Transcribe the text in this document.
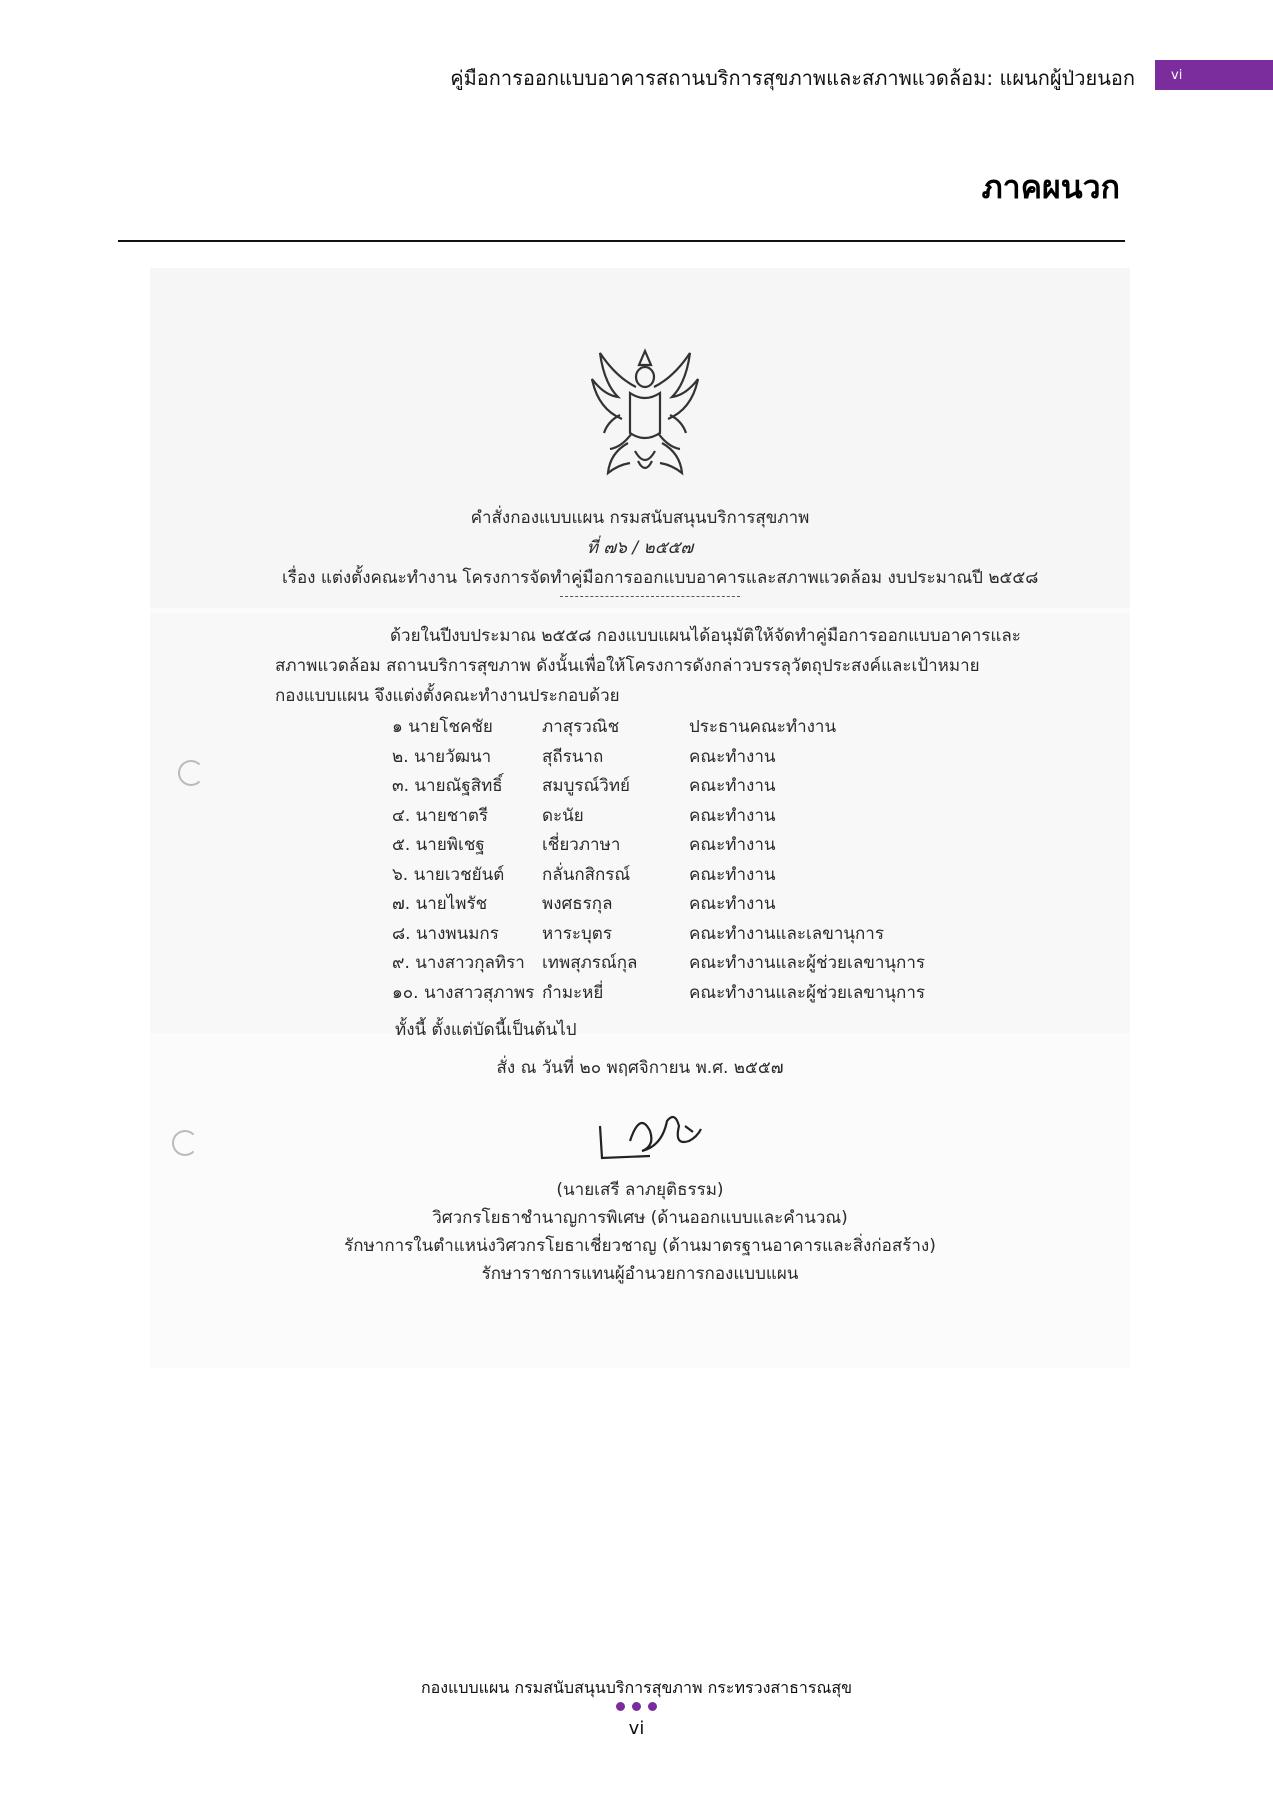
คู่มือการออกแบบอาคารสถานบริการสุขภาพและสภาพแวดล้อม: แผนกผู้ป่วยนอก	vi
ภาคผนวก
คำสั่งกองแบบแผน กรมสนับสนุนบริการสุขภาพ
ที่ ๗๖ / ๒๕๕๗
เรื่อง แต่งตั้งคณะทำงาน โครงการจัดทำคู่มือการออกแบบอาคารและสภาพแวดล้อม งบประมาณปี ๒๕๕๘
ด้วยในปีงบประมาณ ๒๕๕๘ กองแบบแผนได้อนุมัติให้จัดทำคู่มือการออกแบบอาคารและ
สภาพแวดล้อม สถานบริการสุขภาพ ดังนั้นเพื่อให้โครงการดังกล่าวบรรลุวัตถุประสงค์และเป้าหมาย
กองแบบแผน จึงแต่งตั้งคณะทำงานประกอบด้วย
๑ นายโชคชัย	ภาสุรวณิช	ประธานคณะทำงาน
๒. นายวัฒนา	สุถีรนาถ	คณะทำงาน
๓. นายณัฐสิทธิ์	สมบูรณ์วิทย์	คณะทำงาน
๔. นายชาตรี	ดะนัย	คณะทำงาน
๕. นายพิเชฐ	เชี่ยวภาษา	คณะทำงาน
๖. นายเวชยันต์	กลั่นกสิกรณ์	คณะทำงาน
๗. นายไพรัช	พงศธรกุล	คณะทำงาน
๘. นางพนมกร	หาระบุตร	คณะทำงานและเลขานุการ
๙. นางสาวกุลทิรา	เทพสุภรณ์กุล	คณะทำงานและผู้ช่วยเลขานุการ
๑๐. นางสาวสุภาพร กำมะหยี่	คณะทำงานและผู้ช่วยเลขานุการ
ทั้งนี้ ตั้งแต่บัดนี้เป็นต้นไป
สั่ง ณ วันที่ ๒๐ พฤศจิกายน พ.ศ. ๒๕๕๗
(นายเสรี ลาภยุติธรรม)
วิศวกรโยธาชำนาญการพิเศษ (ด้านออกแบบและคำนวณ)
รักษาการในตำแหน่งวิศวกรโยธาเชี่ยวชาญ (ด้านมาตรฐานอาคารและสิ่งก่อสร้าง)
รักษาราชการแทนผู้อำนวยการกองแบบแผน
กองแบบแผน กรมสนับสนุนบริการสุขภาพ กระทรวงสาธารณสุข
vi
